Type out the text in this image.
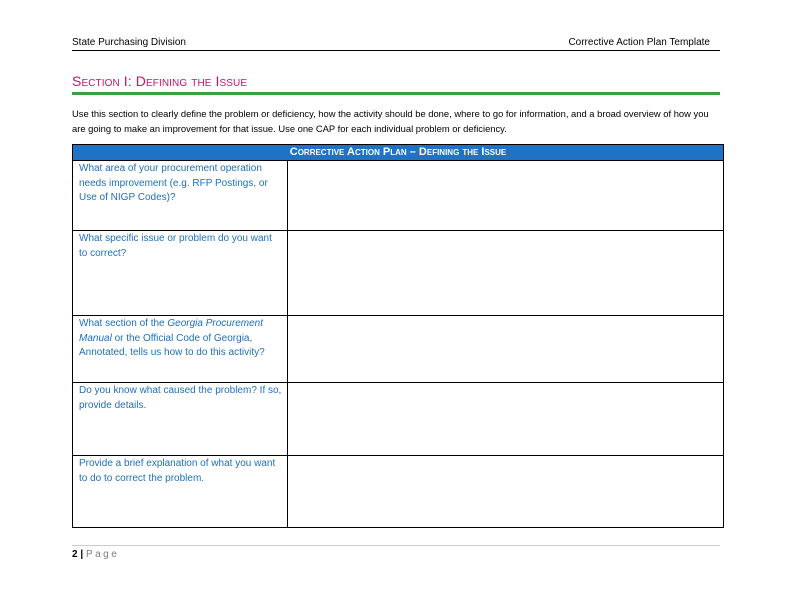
State Purchasing Division	Corrective Action Plan Template
Section I: Defining the Issue
Use this section to clearly define the problem or deficiency, how the activity should be done, where to go for information, and a broad overview of how you are going to make an improvement for that issue. Use one CAP for each individual problem or deficiency.
Corrective Action Plan – Defining the Issue	
What area of your procurement operation needs improvement (e.g. RFP Postings, or Use of NIGP Codes)?	
What specific issue or problem do you want to correct?	
What section of the Georgia Procurement Manual or the Official Code of Georgia, Annotated, tells us how to do this activity?	
Do you know what caused the problem? If so, provide details.	
Provide a brief explanation of what you want to do to correct the problem.	
2 | Page
